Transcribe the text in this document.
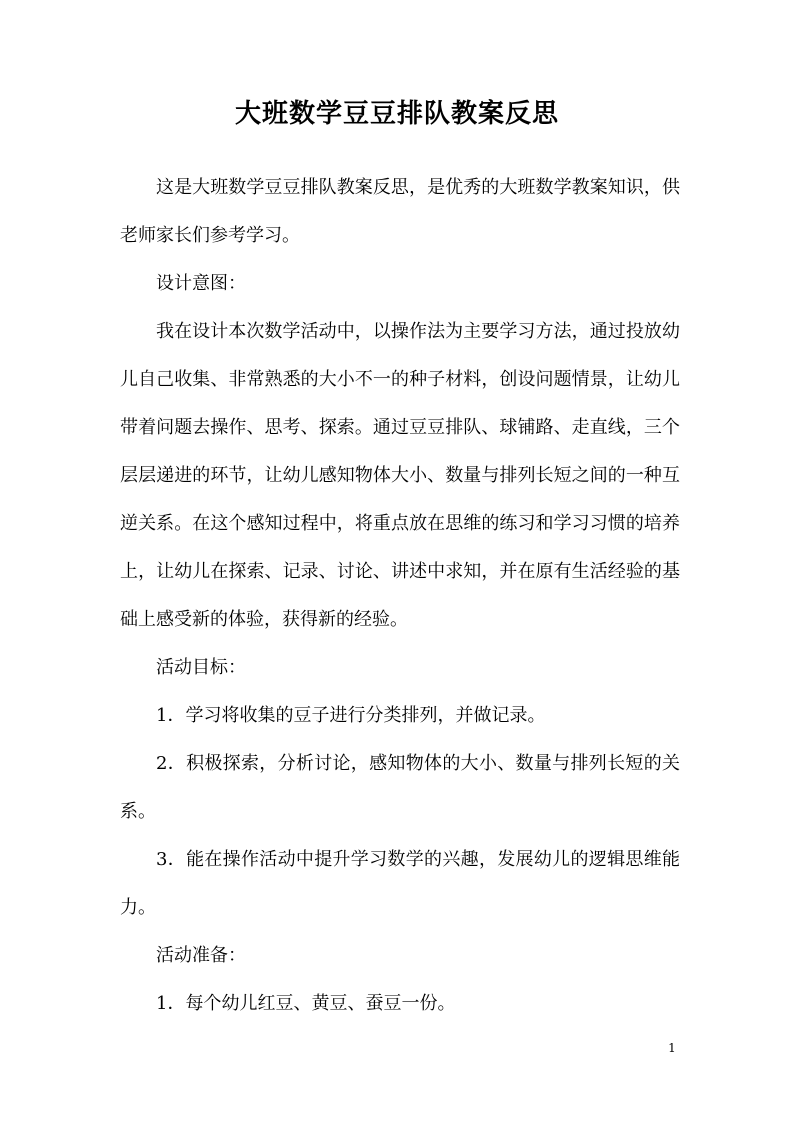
大班数学豆豆排队教案反思

这是大班数学豆豆排队教案反思，是优秀的大班数学教案知识，供老师家长们参考学习。

设计意图：

我在设计本次数学活动中，以操作法为主要学习方法，通过投放幼儿自己收集、非常熟悉的大小不一的种子材料，创设问题情景，让幼儿带着问题去操作、思考、探索。通过豆豆排队、球铺路、走直线，三个层层递进的环节，让幼儿感知物体大小、数量与排列长短之间的一种互逆关系。在这个感知过程中，将重点放在思维的练习和学习习惯的培养上，让幼儿在探索、记录、讨论、讲述中求知，并在原有生活经验的基础上感受新的体验，获得新的经验。

活动目标：

1．学习将收集的豆子进行分类排列，并做记录。

2．积极探索，分析讨论，感知物体的大小、数量与排列长短的关系。

3．能在操作活动中提升学习数学的兴趣，发展幼儿的逻辑思维能力。

活动准备：

1．每个幼儿红豆、黄豆、蚕豆一份。

1
